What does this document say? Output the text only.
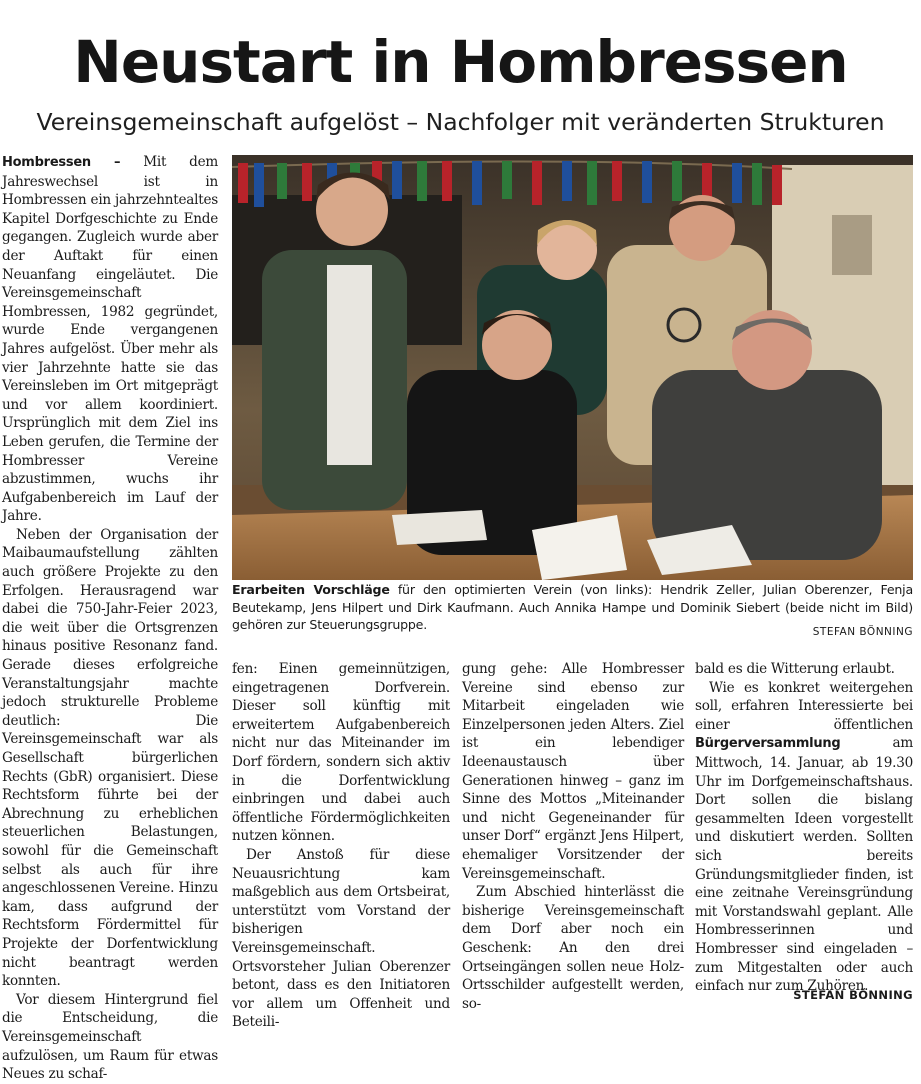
Neustart in Hombressen
Vereinsgemeinschaft aufgelöst – Nachfolger mit veränderten Strukturen

Hombressen – Mit dem Jahreswechsel ist in Hombressen ein jahrzehntealtes Kapitel Dorfgeschichte zu Ende gegangen. Zugleich wurde aber der Auftakt für einen Neuanfang eingeläutet. Die Vereinsgemeinschaft Hombressen, 1982 gegründet, wurde Ende vergangenen Jahres aufgelöst. Über mehr als vier Jahrzehnte hatte sie das Vereinsleben im Ort mitgeprägt und vor allem koordiniert. Ursprünglich mit dem Ziel ins Leben gerufen, die Termine der Hombresser Vereine abzustimmen, wuchs ihr Aufgabenbereich im Lauf der Jahre.

Neben der Organisation der Maibaumaufstellung zählten auch größere Projekte zu den Erfolgen. Herausragend war dabei die 750-Jahr-Feier 2023, die weit über die Ortsgrenzen hinaus positive Resonanz fand. Gerade dieses erfolgreiche Veranstaltungsjahr machte jedoch strukturelle Probleme deutlich: Die Vereinsgemeinschaft war als Gesellschaft bürgerlichen Rechts (GbR) organisiert. Diese Rechtsform führte bei der Abrechnung zu erheblichen steuerlichen Belastungen, sowohl für die Gemeinschaft selbst als auch für ihre angeschlossenen Vereine. Hinzu kam, dass aufgrund der Rechtsform Fördermittel für Projekte der Dorfentwicklung nicht beantragt werden konnten.

Vor diesem Hintergrund fiel die Entscheidung, die Vereinsgemeinschaft aufzulösen, um Raum für etwas Neues zu schaf-

Erarbeiten Vorschläge für den optimierten Verein (von links): Hendrik Zeller, Julian Oberenzer, Fenja Beutekamp, Jens Hilpert und Dirk Kaufmann. Auch Annika Hampe und Dominik Siebert (beide nicht im Bild) gehören zur Steuerungsgruppe.	STEFAN BÖNNING

fen: Einen gemeinnützigen, eingetragenen Dorfverein. Dieser soll künftig mit erweitertem Aufgabenbereich nicht nur das Miteinander im Dorf fördern, sondern sich aktiv in die Dorfentwicklung einbringen und dabei auch öffentliche Fördermöglichkeiten nutzen können.

Der Anstoß für diese Neuausrichtung kam maßgeblich aus dem Ortsbeirat, unterstützt vom Vorstand der bisherigen Vereinsgemeinschaft. Ortsvorsteher Julian Oberenzer betont, dass es den Initiatoren vor allem um Offenheit und Beteili-

gung gehe: Alle Hombresser Vereine sind ebenso zur Mitarbeit eingeladen wie Einzelpersonen jeden Alters. Ziel ist ein lebendiger Ideenaustausch über Generationen hinweg – ganz im Sinne des Mottos „Miteinander und nicht Gegeneinander für unser Dorf“ ergänzt Jens Hilpert, ehemaliger Vorsitzender der Vereinsgemeinschaft.

Zum Abschied hinterlässt die bisherige Vereinsgemeinschaft dem Dorf aber noch ein Geschenk: An den drei Ortseingängen sollen neue Holz-Ortsschilder aufgestellt werden, so-

bald es die Witterung erlaubt.

Wie es konkret weitergehen soll, erfahren Interessierte bei einer öffentlichen Bürgerversammlung am Mittwoch, 14. Januar, ab 19.30 Uhr im Dorfgemeinschaftshaus. Dort sollen die bislang gesammelten Ideen vorgestellt und diskutiert werden. Sollten sich bereits Gründungsmitglieder finden, ist eine zeitnahe Vereinsgründung mit Vorstandswahl geplant. Alle Hombresserinnen und Hombresser sind eingeladen – zum Mitgestalten oder auch einfach nur zum Zuhören.

STEFAN BÖNNING
